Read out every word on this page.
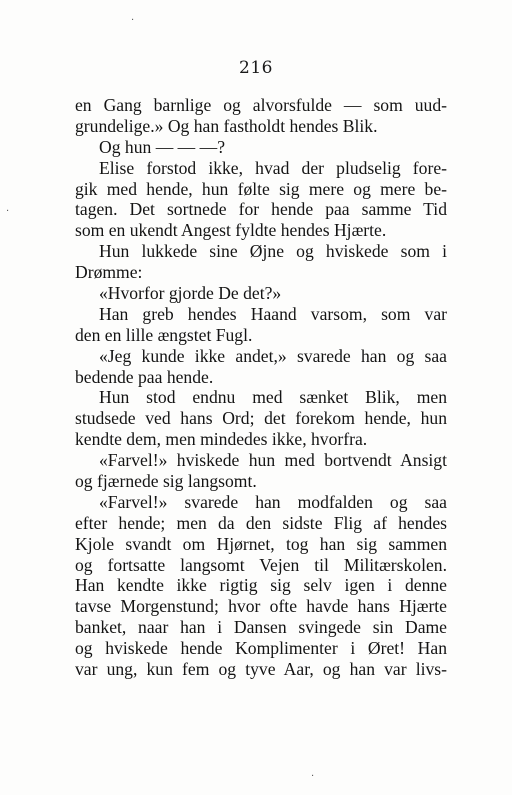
216
en Gang barnlige og alvorsfulde — som uud-
grundelige.» Og han fastholdt hendes Blik.
Og hun — — —?
Elise forstod ikke, hvad der pludselig fore-
gik med hende, hun følte sig mere og mere be-
tagen. Det sortnede for hende paa samme Tid
som en ukendt Angest fyldte hendes Hjærte.
Hun lukkede sine Øjne og hviskede som i
Drømme:
«Hvorfor gjorde De det?»
Han greb hendes Haand varsom, som var
den en lille ængstet Fugl.
«Jeg kunde ikke andet,» svarede han og saa
bedende paa hende.
Hun stod endnu med sænket Blik, men
studsede ved hans Ord; det forekom hende, hun
kendte dem, men mindedes ikke, hvorfra.
«Farvel!» hviskede hun med bortvendt Ansigt
og fjærnede sig langsomt.
«Farvel!» svarede han modfalden og saa
efter hende; men da den sidste Flig af hendes
Kjole svandt om Hjørnet, tog han sig sammen
og fortsatte langsomt Vejen til Militærskolen.
Han kendte ikke rigtig sig selv igen i denne
tavse Morgenstund; hvor ofte havde hans Hjærte
banket, naar han i Dansen svingede sin Dame
og hviskede hende Komplimenter i Øret! Han
var ung, kun fem og tyve Aar, og han var livs-
·
·
·
